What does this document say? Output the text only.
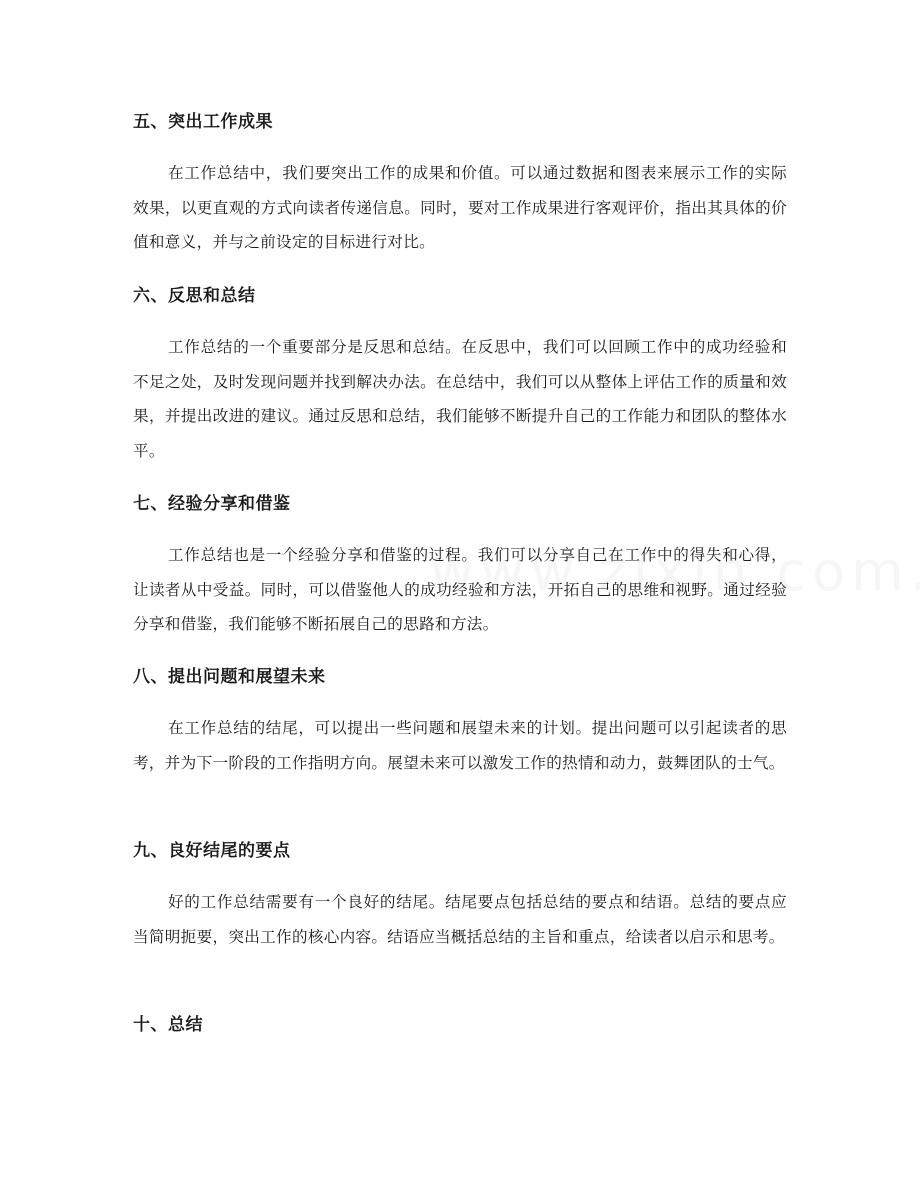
五、突出工作成果

在工作总结中，我们要突出工作的成果和价值。可以通过数据和图表来展示工作的实际效果，以更直观的方式向读者传递信息。同时，要对工作成果进行客观评价，指出其具体的价值和意义，并与之前设定的目标进行对比。

六、反思和总结

工作总结的一个重要部分是反思和总结。在反思中，我们可以回顾工作中的成功经验和不足之处，及时发现问题并找到解决办法。在总结中，我们可以从整体上评估工作的质量和效果，并提出改进的建议。通过反思和总结，我们能够不断提升自己的工作能力和团队的整体水平。

七、经验分享和借鉴

工作总结也是一个经验分享和借鉴的过程。我们可以分享自己在工作中的得失和心得，让读者从中受益。同时，可以借鉴他人的成功经验和方法，开拓自己的思维和视野。通过经验分享和借鉴，我们能够不断拓展自己的思路和方法。

八、提出问题和展望未来

在工作总结的结尾，可以提出一些问题和展望未来的计划。提出问题可以引起读者的思考，并为下一阶段的工作指明方向。展望未来可以激发工作的热情和动力，鼓舞团队的士气。

九、良好结尾的要点

好的工作总结需要有一个良好的结尾。结尾要点包括总结的要点和结语。总结的要点应当简明扼要，突出工作的核心内容。结语应当概括总结的主旨和重点，给读者以启示和思考。

十、总结
